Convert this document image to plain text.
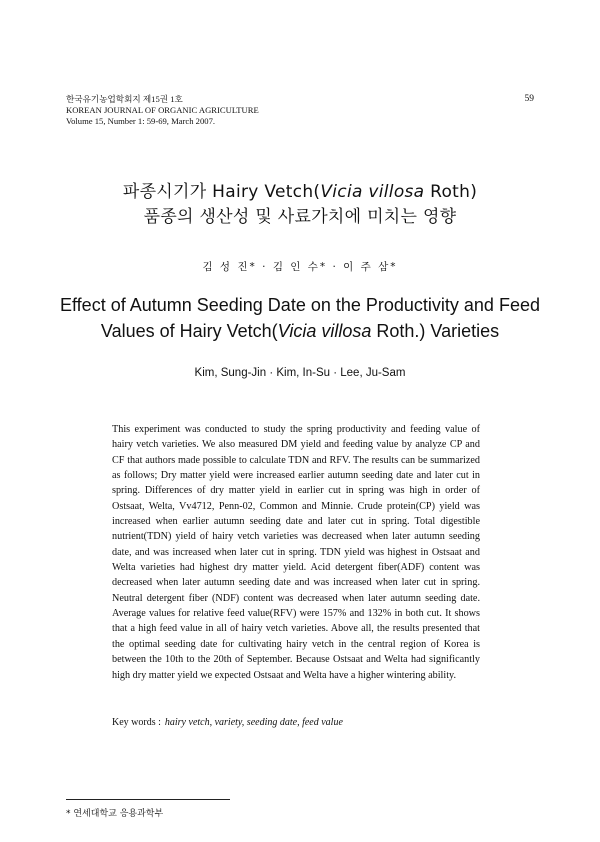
한국유기농업학회지 제15권 1호
KOREAN JOURNAL OF ORGANIC AGRICULTURE
Volume 15, Number 1: 59-69, March 2007.
59
파종시기가 Hairy Vetch(Vicia villosa Roth)
품종의 생산성 및 사료가치에 미치는 영향
김 성 진* · 김 인 수* · 이 주 삼*
Effect of Autumn Seeding Date on the Productivity and Feed
Values of Hairy Vetch(Vicia villosa Roth.) Varieties
Kim, Sung-Jin · Kim, In-Su · Lee, Ju-Sam

This experiment was conducted to study the spring productivity and feeding value of hairy vetch varieties. We also measured DM yield and feeding value by analyze CP and CF that authors made possible to calculate TDN and RFV. The results can be summarized as follows; Dry matter yield were increased earlier autumn seeding date and later cut in spring. Differences of dry matter yield in earlier cut in spring was high in order of Ostsaat, Welta, Vv4712, Penn-02, Common and Minnie. Crude protein(CP) yield was increased when earlier autumn seeding date and later cut in spring. Total digestible nutrient(TDN) yield of hairy vetch varieties was decreased when later autumn seeding date, and was increased when later cut in spring. TDN yield was highest in Ostsaat and Welta varieties had highest dry matter yield. Acid detergent fiber(ADF) content was decreased when later autumn seeding date and was increased when later cut in spring. Neutral detergent fiber (NDF) content was decreased when later autumn seeding date. Average values for relative feed value(RFV) were 157% and 132% in both cut. It shows that a high feed value in all of hairy vetch varieties. Above all, the results presented that the optimal seeding date for cultivating hairy vetch in the central region of Korea is between the 10th to the 20th of September. Because Ostsaat and Welta had significantly high dry matter yield we expected Ostsaat and Welta have a higher wintering ability.

Key words : hairy vetch, variety, seeding date, feed value
* 연세대학교 응용과학부
